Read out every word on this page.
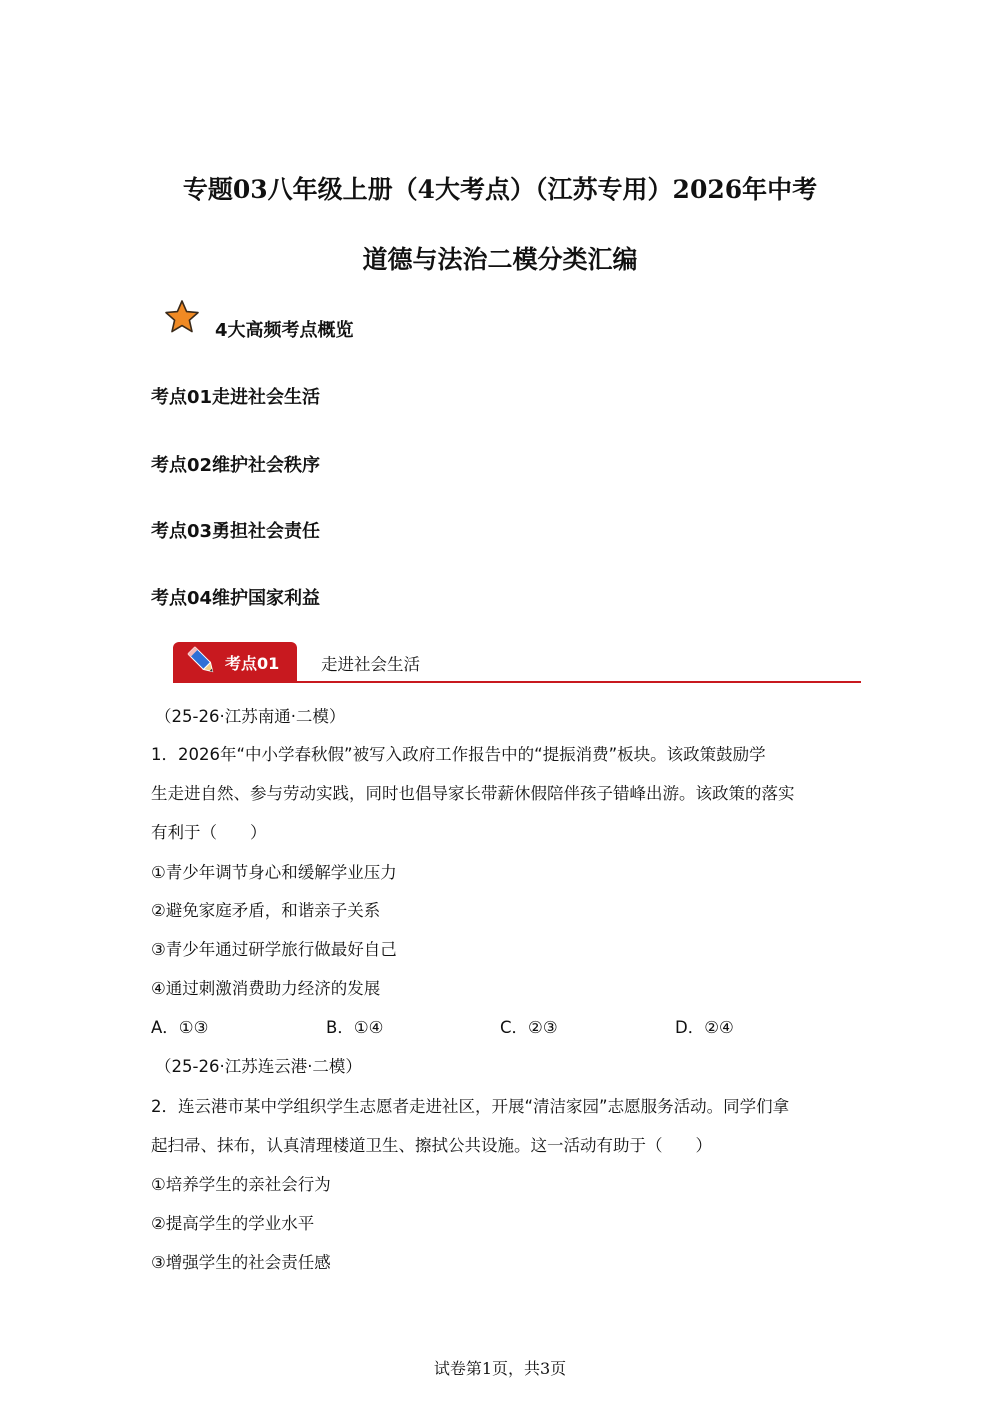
专题03八年级上册（4大考点）（江苏专用）2026年中考
道德与法治二模分类汇编
4大高频考点概览
考点01走进社会生活
考点02维护社会秩序
考点03勇担社会责任
考点04维护国家利益
考点01	走进社会生活
（25-26·江苏南通·二模）
1．2026年“中小学春秋假”被写入政府工作报告中的“提振消费”板块。该政策鼓励学
生走进自然、参与劳动实践，同时也倡导家长带薪休假陪伴孩子错峰出游。该政策的落实
有利于（　　）
①青少年调节身心和缓解学业压力
②避免家庭矛盾，和谐亲子关系
③青少年通过研学旅行做最好自己
④通过刺激消费助力经济的发展
A．①③	B．①④	C．②③	D．②④
（25-26·江苏连云港·二模）
2．连云港市某中学组织学生志愿者走进社区，开展“清洁家园”志愿服务活动。同学们拿
起扫帚、抹布，认真清理楼道卫生、擦拭公共设施。这一活动有助于（　　）
①培养学生的亲社会行为
②提高学生的学业水平
③增强学生的社会责任感
试卷第1页，共3页
